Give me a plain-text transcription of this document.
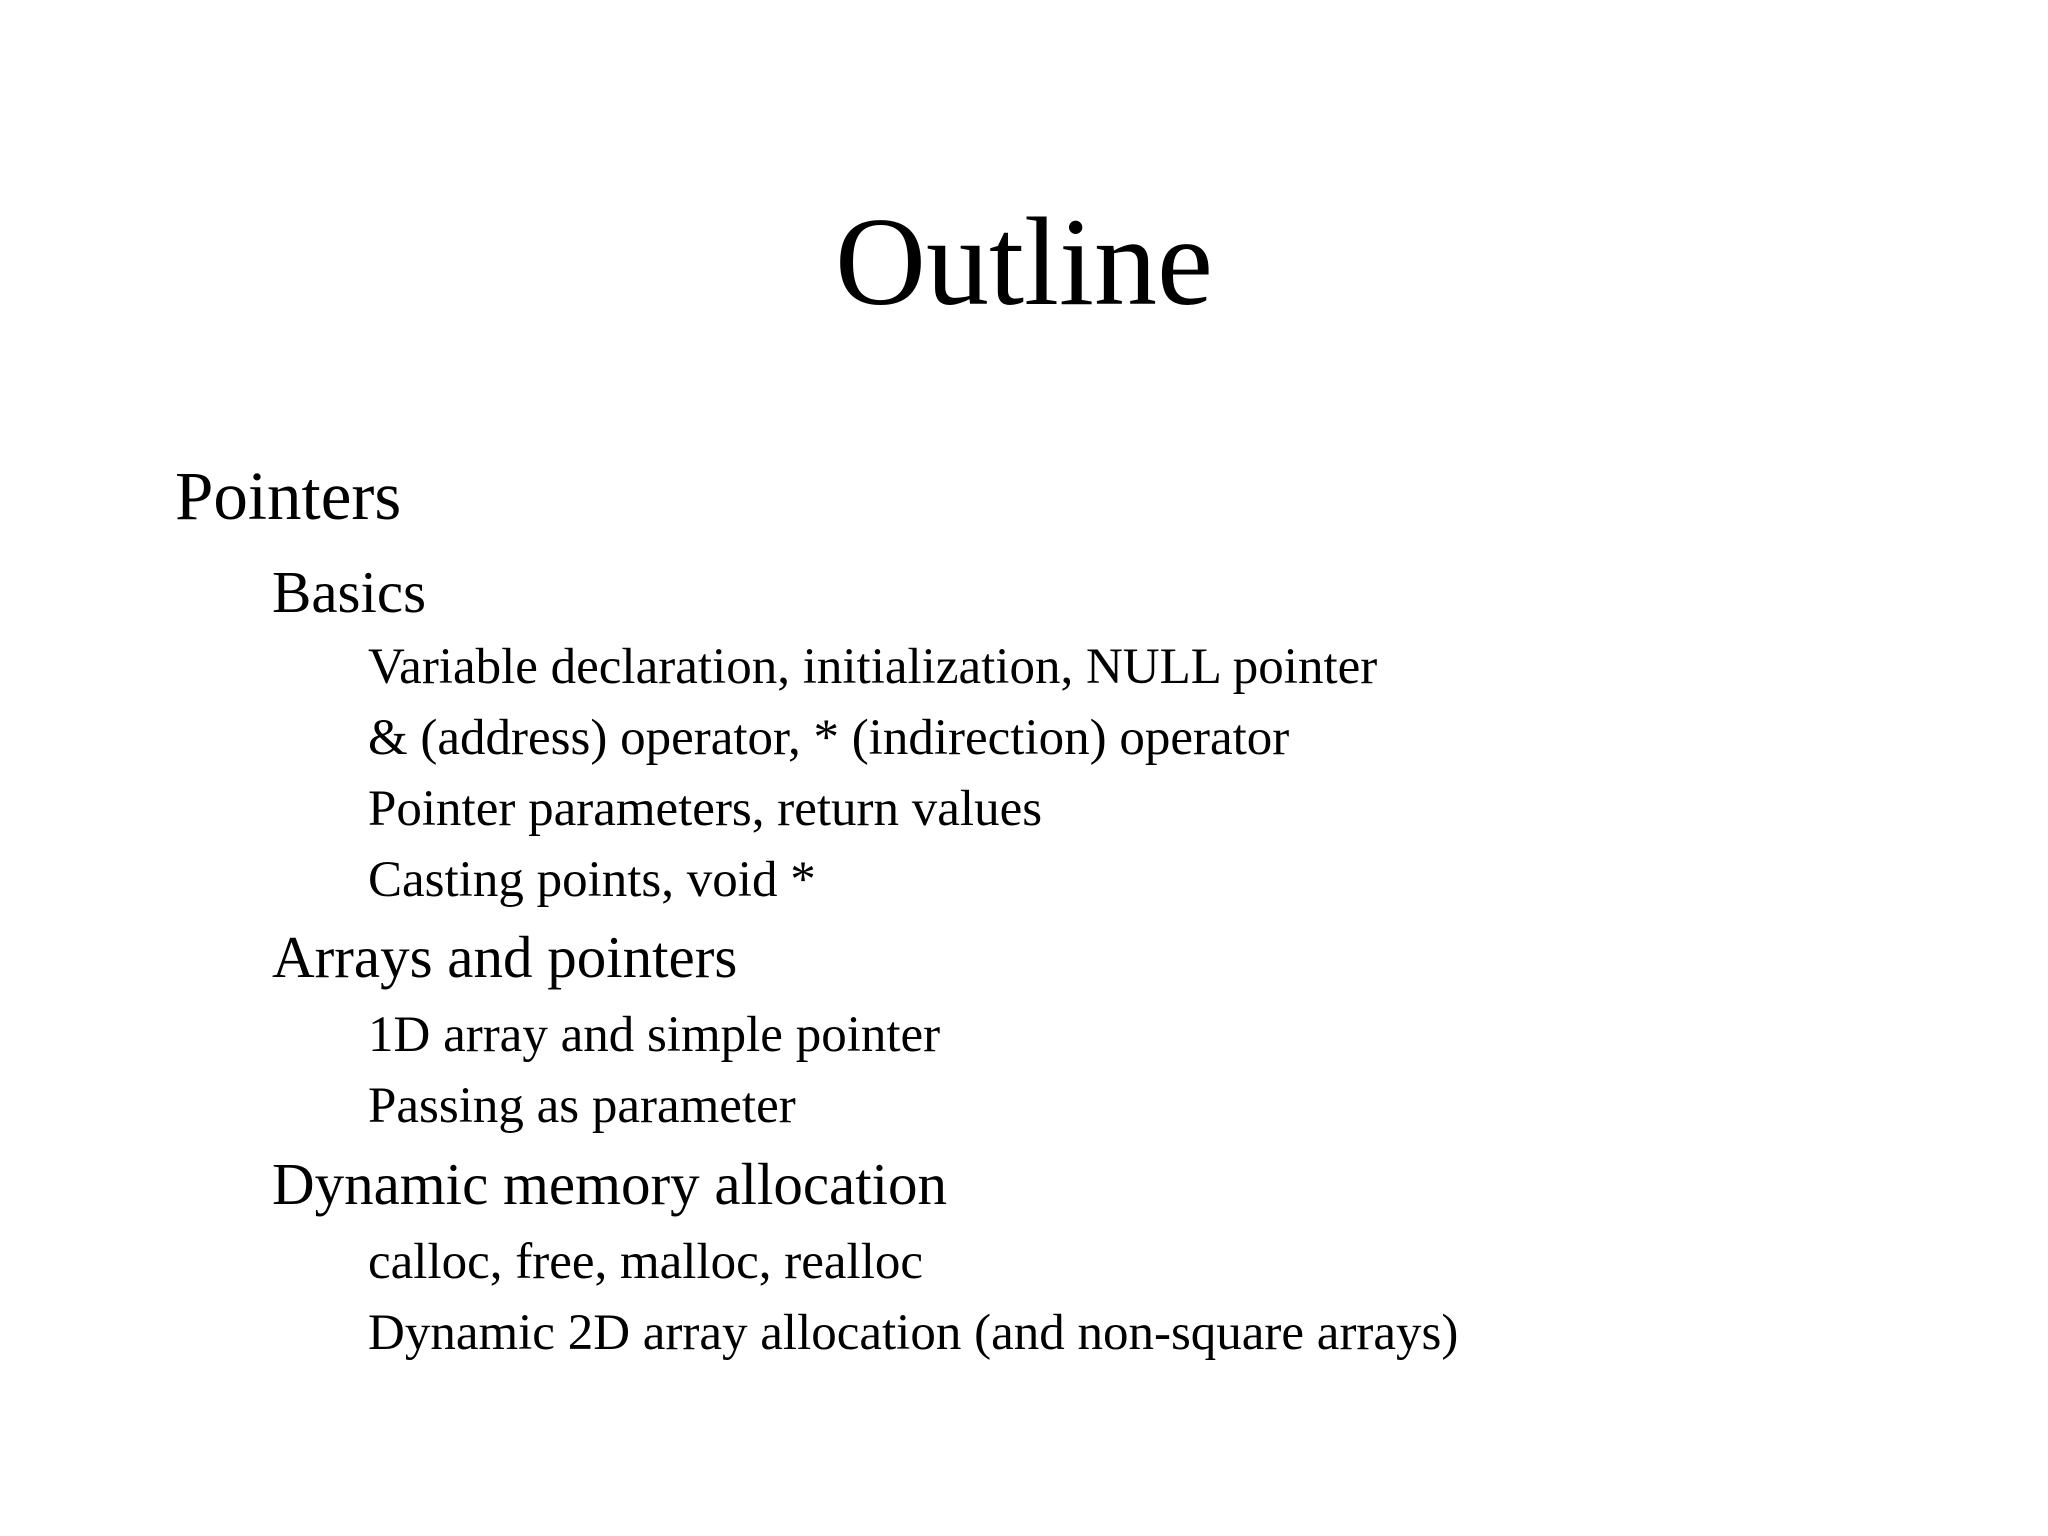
Outline
Pointers
Basics
Variable declaration, initialization, NULL pointer
& (address) operator, * (indirection) operator
Pointer parameters, return values
Casting points, void *
Arrays and pointers
1D array and simple pointer
Passing as parameter
Dynamic memory allocation
calloc, free, malloc, realloc
Dynamic 2D array allocation (and non-square arrays)
